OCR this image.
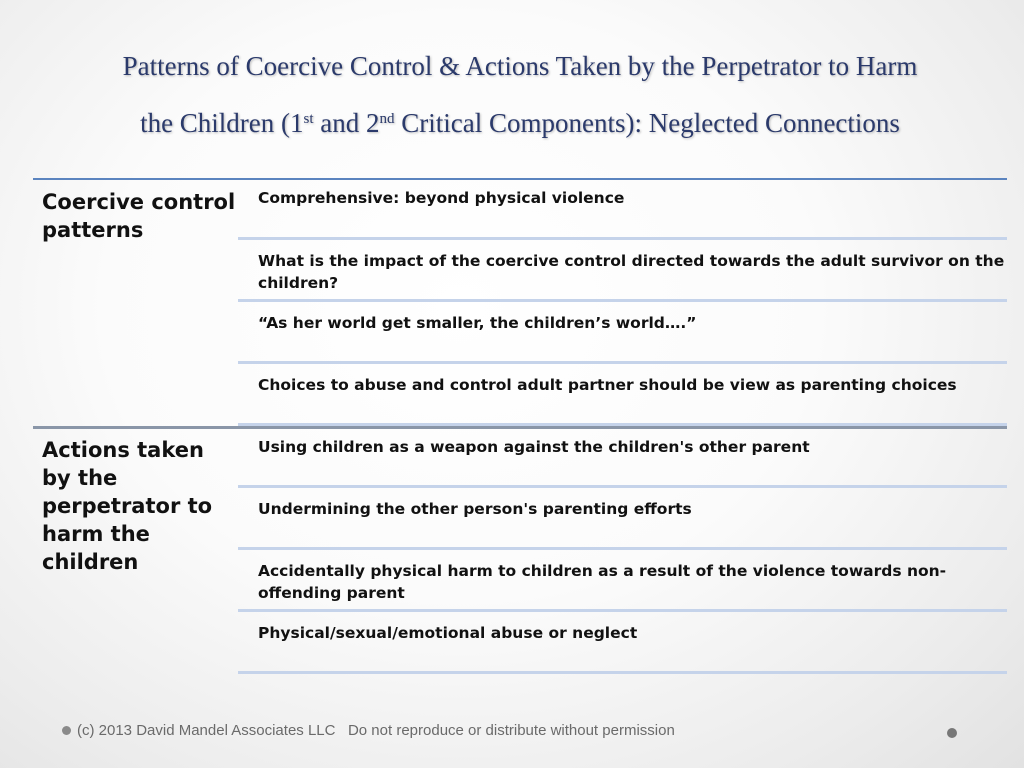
Patterns of Coercive Control & Actions Taken by the Perpetrator to Harm
the Children (1st and 2nd Critical Components): Neglected Connections
Coercive control patterns
Comprehensive: beyond physical violence
What is the impact of the coercive control directed towards the adult survivor on the children?
“As her world get smaller, the children’s world….”
Choices to abuse and control adult partner should be view as parenting choices
Actions taken by the perpetrator to harm the children
Using children as a weapon against the children's other parent
Undermining the other person's parenting efforts
Accidentally physical harm to children as a result of the violence towards non-offending parent
Physical/sexual/emotional abuse or neglect
(c) 2013 David Mandel Associates LLC   Do not reproduce or distribute without permission
